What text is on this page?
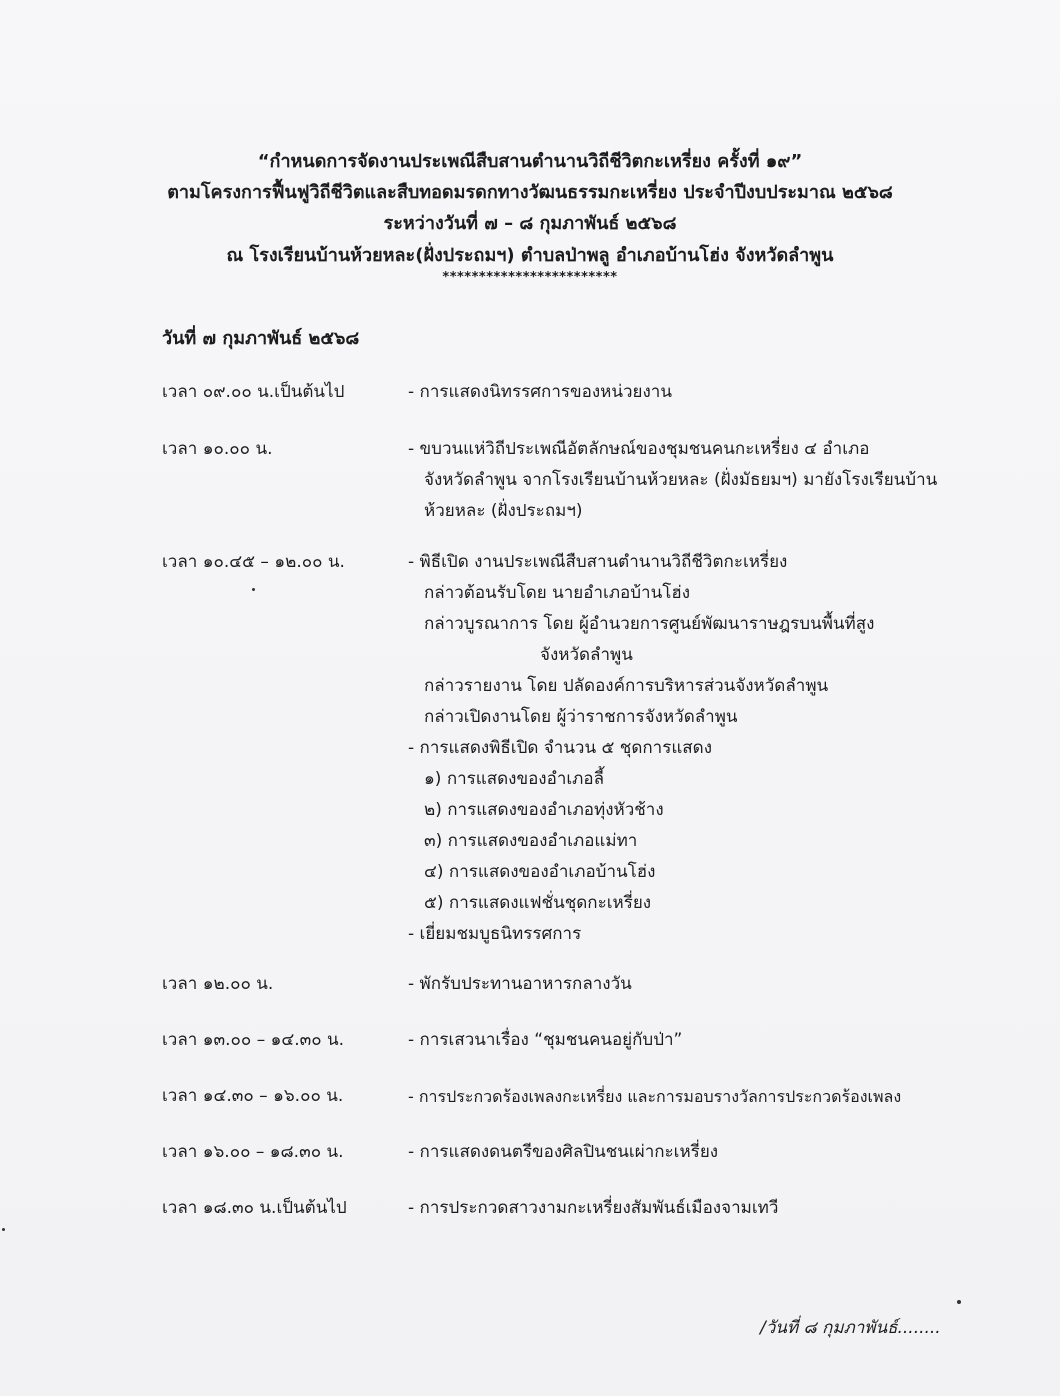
“กำหนดการจัดงานประเพณีสืบสานตำนานวิถีชีวิตกะเหรี่ยง ครั้งที่ ๑๙”
ตามโครงการฟื้นฟูวิถีชีวิตและสืบทอดมรดกทางวัฒนธรรมกะเหรี่ยง ประจำปีงบประมาณ ๒๕๖๘
ระหว่างวันที่ ๗ – ๘ กุมภาพันธ์ ๒๕๖๘
ณ โรงเรียนบ้านห้วยหละ(ฝั่งประถมฯ) ตำบลป่าพลู อำเภอบ้านโฮ่ง จังหวัดลำพูน
************************
วันที่ ๗ กุมภาพันธ์ ๒๕๖๘
เวลา ๐๙.๐๐ น.เป็นต้นไป	- การแสดงนิทรรศการของหน่วยงาน
เวลา ๑๐.๐๐ น.	- ขบวนแห่วิถีประเพณีอัตลักษณ์ของชุมชนคนกะเหรี่ยง ๔ อำเภอ
จังหวัดลำพูน จากโรงเรียนบ้านห้วยหละ (ฝั่งมัธยมฯ) มายังโรงเรียนบ้าน
ห้วยหละ (ฝั่งประถมฯ)
เวลา ๑๐.๔๕ – ๑๒.๐๐ น.	- พิธีเปิด งานประเพณีสืบสานตำนานวิถีชีวิตกะเหรี่ยง
กล่าวต้อนรับโดย นายอำเภอบ้านโฮ่ง
กล่าวบูรณาการ โดย ผู้อำนวยการศูนย์พัฒนาราษฎรบนพื้นที่สูง
จังหวัดลำพูน
กล่าวรายงาน โดย ปลัดองค์การบริหารส่วนจังหวัดลำพูน
กล่าวเปิดงานโดย ผู้ว่าราชการจังหวัดลำพูน
- การแสดงพิธีเปิด จำนวน ๕ ชุดการแสดง
๑) การแสดงของอำเภอลี้
๒) การแสดงของอำเภอทุ่งหัวช้าง
๓) การแสดงของอำเภอแม่ทา
๔) การแสดงของอำเภอบ้านโฮ่ง
๕) การแสดงแฟชั่นชุดกะเหรี่ยง
- เยี่ยมชมบูธนิทรรศการ
เวลา ๑๒.๐๐ น.	- พักรับประทานอาหารกลางวัน
เวลา ๑๓.๐๐ – ๑๔.๓๐ น.	- การเสวนาเรื่อง “ชุมชนคนอยู่กับป่า”
เวลา ๑๔.๓๐ – ๑๖.๐๐ น.	- การประกวดร้องเพลงกะเหรี่ยง และการมอบรางวัลการประกวดร้องเพลง
เวลา ๑๖.๐๐ – ๑๘.๓๐ น.	- การแสดงดนตรีของศิลปินชนเผ่ากะเหรี่ยง
เวลา ๑๘.๓๐ น.เป็นต้นไป	- การประกวดสาวงามกะเหรี่ยงสัมพันธ์เมืองจามเทวี
/วันที่ ๘ กุมภาพันธ์........
